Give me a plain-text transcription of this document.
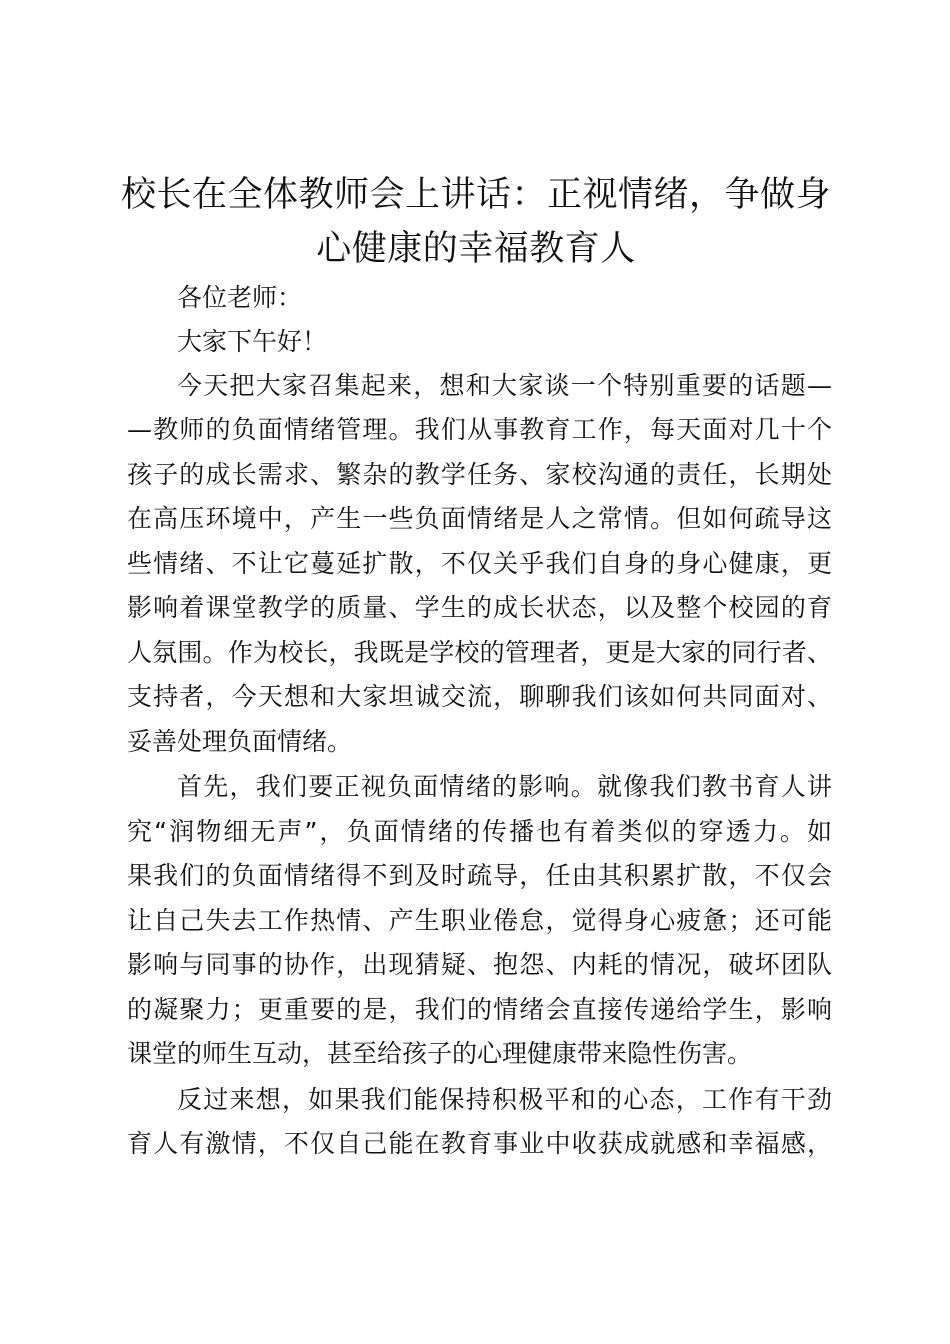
校长在全体教师会上讲话：正视情绪，争做身
心健康的幸福教育人

各位老师：

大家下午好！

今天把大家召集起来，想和大家谈一个特别重要的话题—

—教师的负面情绪管理。我们从事教育工作，每天面对几十个

孩子的成长需求、繁杂的教学任务、家校沟通的责任，长期处

在高压环境中，产生一些负面情绪是人之常情。但如何疏导这

些情绪、不让它蔓延扩散，不仅关乎我们自身的身心健康，更

影响着课堂教学的质量、学生的成长状态，以及整个校园的育

人氛围。作为校长，我既是学校的管理者，更是大家的同行者、

支持者，今天想和大家坦诚交流，聊聊我们该如何共同面对、

妥善处理负面情绪。

首先，我们要正视负面情绪的影响。就像我们教书育人讲

究“润物细无声”，负面情绪的传播也有着类似的穿透力。如

果我们的负面情绪得不到及时疏导，任由其积累扩散，不仅会

让自己失去工作热情、产生职业倦怠，觉得身心疲惫；还可能

影响与同事的协作，出现猜疑、抱怨、内耗的情况，破坏团队

的凝聚力；更重要的是，我们的情绪会直接传递给学生，影响

课堂的师生互动，甚至给孩子的心理健康带来隐性伤害。

反过来想，如果我们能保持积极平和的心态，工作有干劲

育人有激情，不仅自己能在教育事业中收获成就感和幸福感，
